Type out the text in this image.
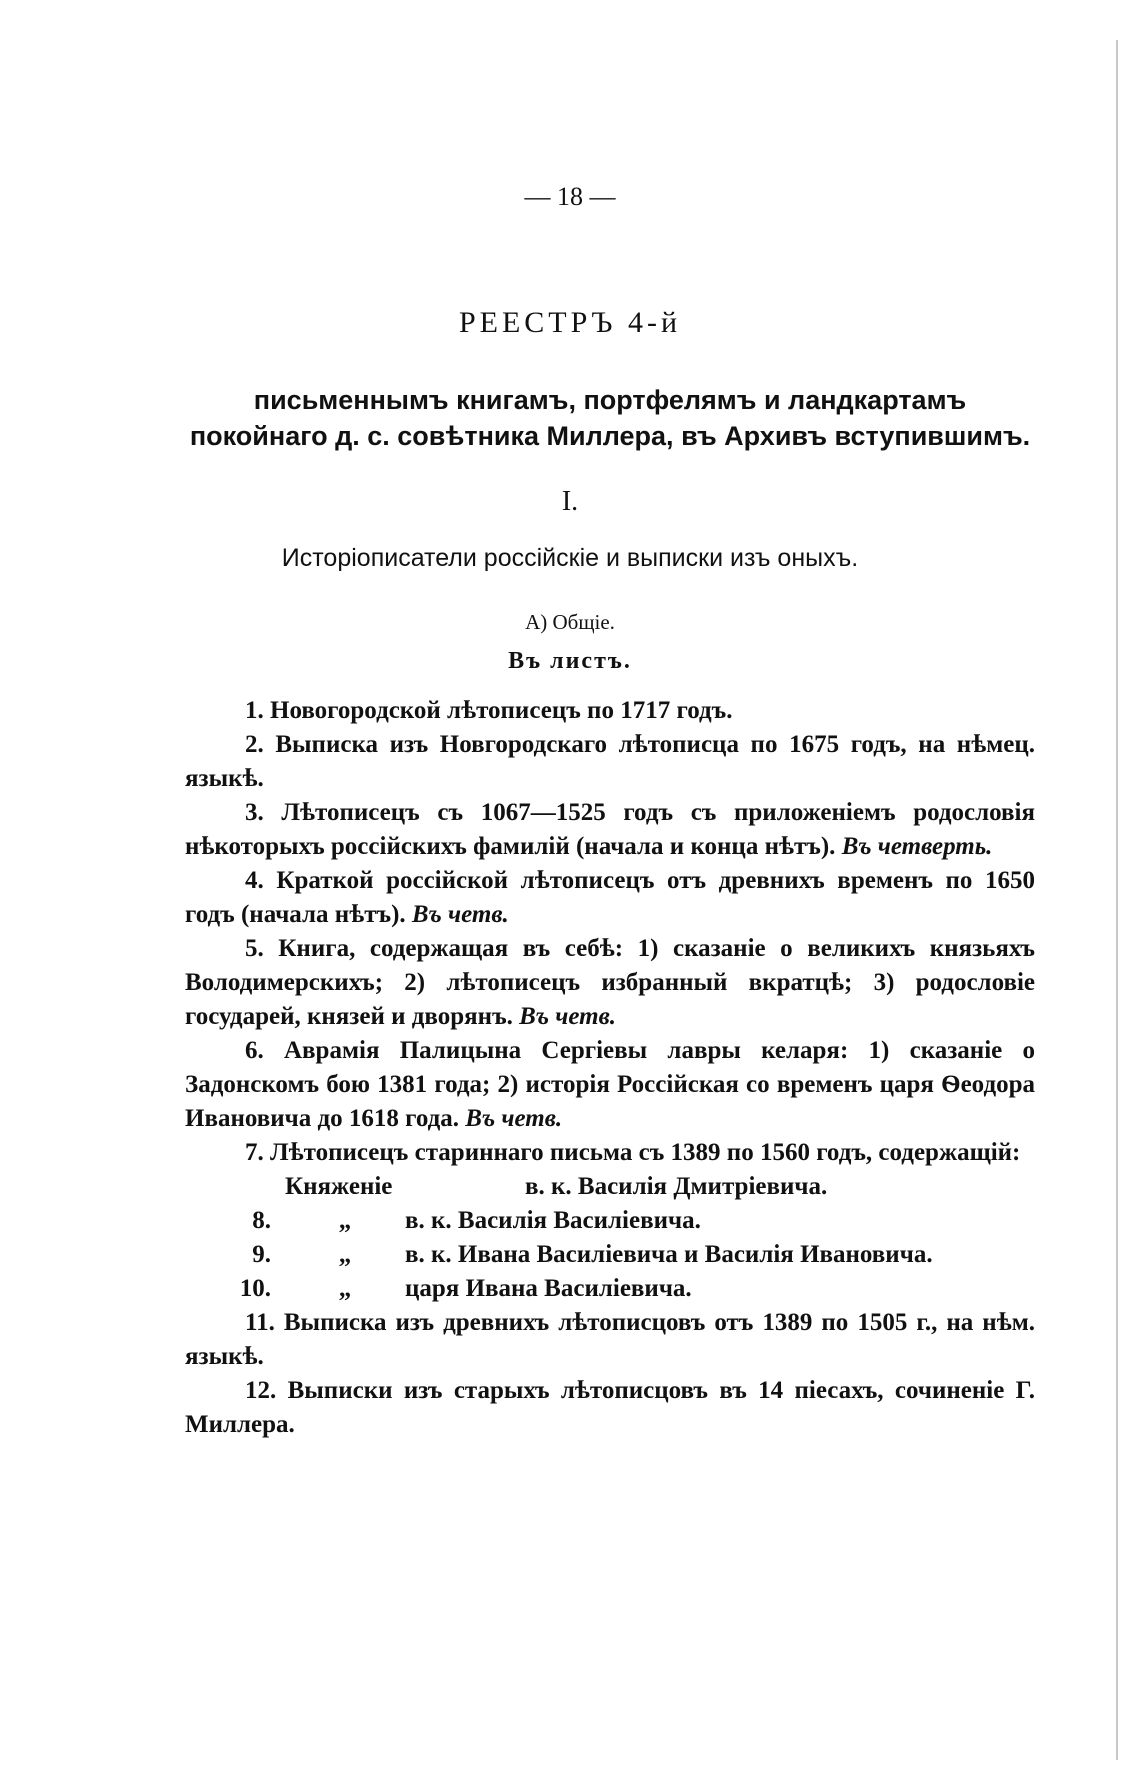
— 18 —
РЕЕСТРЪ 4-й
письменнымъ книгамъ, портфелямъ и ландкартамъ покойнаго д. с. совѣтника Миллера, въ Архивъ вступившимъ.
I.
Исторіописатели россійскіе и выписки изъ оныхъ.
А) Общіе.
Въ листъ.

1. Новогородской лѣтописецъ по 1717 годъ.

2. Выписка изъ Новгородскаго лѣтописца по 1675 годъ, на нѣмец. языкѣ.

3. Лѣтописецъ съ 1067—1525 годъ съ приложеніемъ родословія нѣкоторыхъ россійскихъ фамилій (начала и конца нѣтъ). Въ четверть.

4. Краткой россійской лѣтописецъ отъ древнихъ временъ по 1650 годъ (начала нѣтъ). Въ четв.

5. Книга, содержащая въ себѣ: 1) сказаніе о великихъ князьяхъ Володимерскихъ; 2) лѣтописецъ избранный вкратцѣ; 3) родословіе государей, князей и дворянъ. Въ четв.

6. Аврамія Палицына Сергіевы лавры келаря: 1) сказаніе о Задонскомъ бою 1381 года; 2) исторія Россійская со временъ царя Ѳеодора Ивановича до 1618 года. Въ четв.

7. Лѣтописецъ стариннаго письма съ 1389 по 1560 годъ, содержащій:

Княженіе	в. к. Василія Дмитріевича.
8.	„	в. к. Василія Василіевича.
9.	„	в. к. Ивана Василіевича и Василія Ивановича.
10.	„	царя Ивана Василіевича.

11. Выписка изъ древнихъ лѣтописцовъ отъ 1389 по 1505 г., на нѣм. языкѣ.

12. Выписки изъ старыхъ лѣтописцовъ въ 14 піесахъ, сочиненіе Г. Миллера.
